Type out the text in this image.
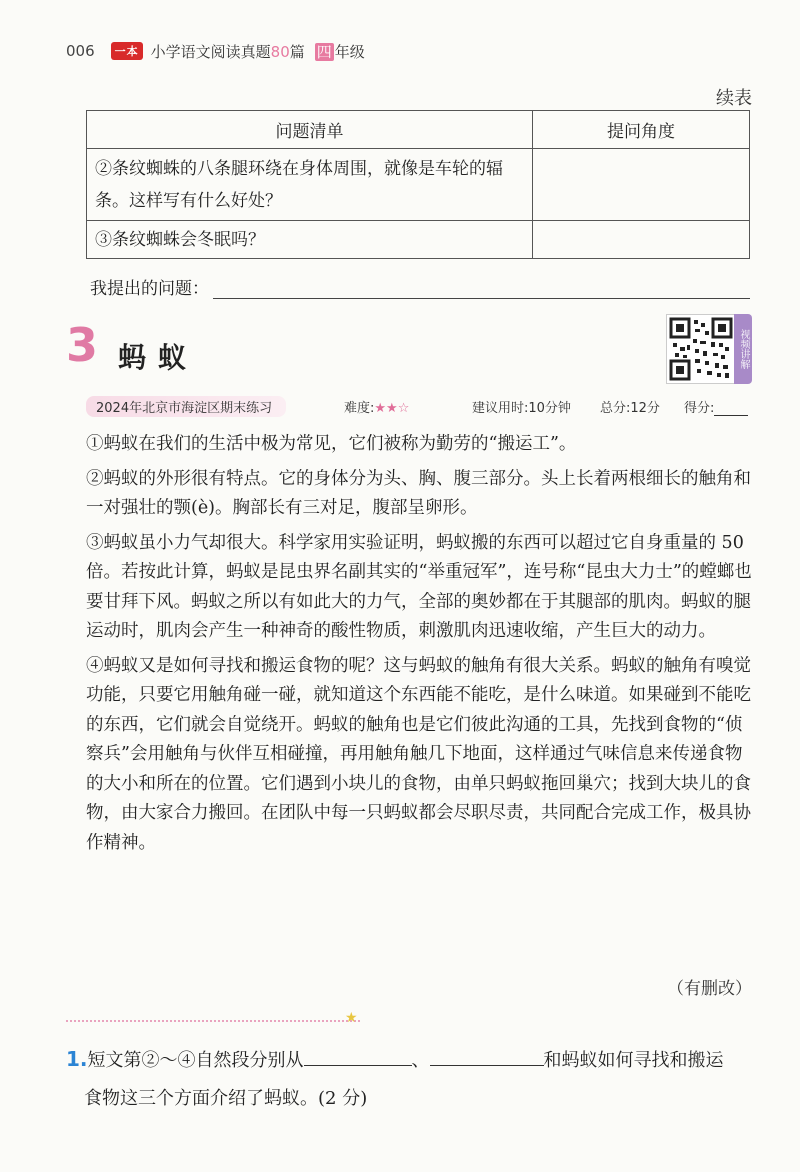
006	一本 小学语文阅读真题80篇 四 年级
续表
问题清单	提问角度
②条纹蜘蛛的八条腿环绕在身体周围，就像是车轮的辐条。这样写有什么好处？	
③条纹蜘蛛会冬眠吗？	
我提出的问题：
3 蚂蚁	视频讲解
2024年北京市海淀区期末练习	难度:★★☆	建议用时:10分钟 总分:12分 得分:

①蚂蚁在我们的生活中极为常见，它们被称为勤劳的“搬运工”。

②蚂蚁的外形很有特点。它的身体分为头、胸、腹三部分。头上长着两根细长的触角和一对强壮的颚(è)。胸部长有三对足，腹部呈卵形。

③蚂蚁虽小力气却很大。科学家用实验证明，蚂蚁搬的东西可以超过它自身重量的 50 倍。若按此计算，蚂蚁是昆虫界名副其实的“举重冠军”，连号称“昆虫大力士”的螳螂也要甘拜下风。蚂蚁之所以有如此大的力气，全部的奥妙都在于其腿部的肌肉。蚂蚁的腿运动时，肌肉会产生一种神奇的酸性物质，刺激肌肉迅速收缩，产生巨大的动力。

④蚂蚁又是如何寻找和搬运食物的呢？这与蚂蚁的触角有很大关系。蚂蚁的触角有嗅觉功能，只要它用触角碰一碰，就知道这个东西能不能吃，是什么味道。如果碰到不能吃的东西，它们就会自觉绕开。蚂蚁的触角也是它们彼此沟通的工具，先找到食物的“侦察兵”会用触角与伙伴互相碰撞，再用触角触几下地面，这样通过气味信息来传递食物的大小和所在的位置。它们遇到小块儿的食物，由单只蚂蚁拖回巢穴；找到大块儿的食物，由大家合力搬回。在团队中每一只蚂蚁都会尽职尽责，共同配合完成工作，极具协作精神。

（有删改）
★
1.短文第②～④自然段分别从	、	和蚂蚁如何寻找和搬运
食物这三个方面介绍了蚂蚁。(2 分)
